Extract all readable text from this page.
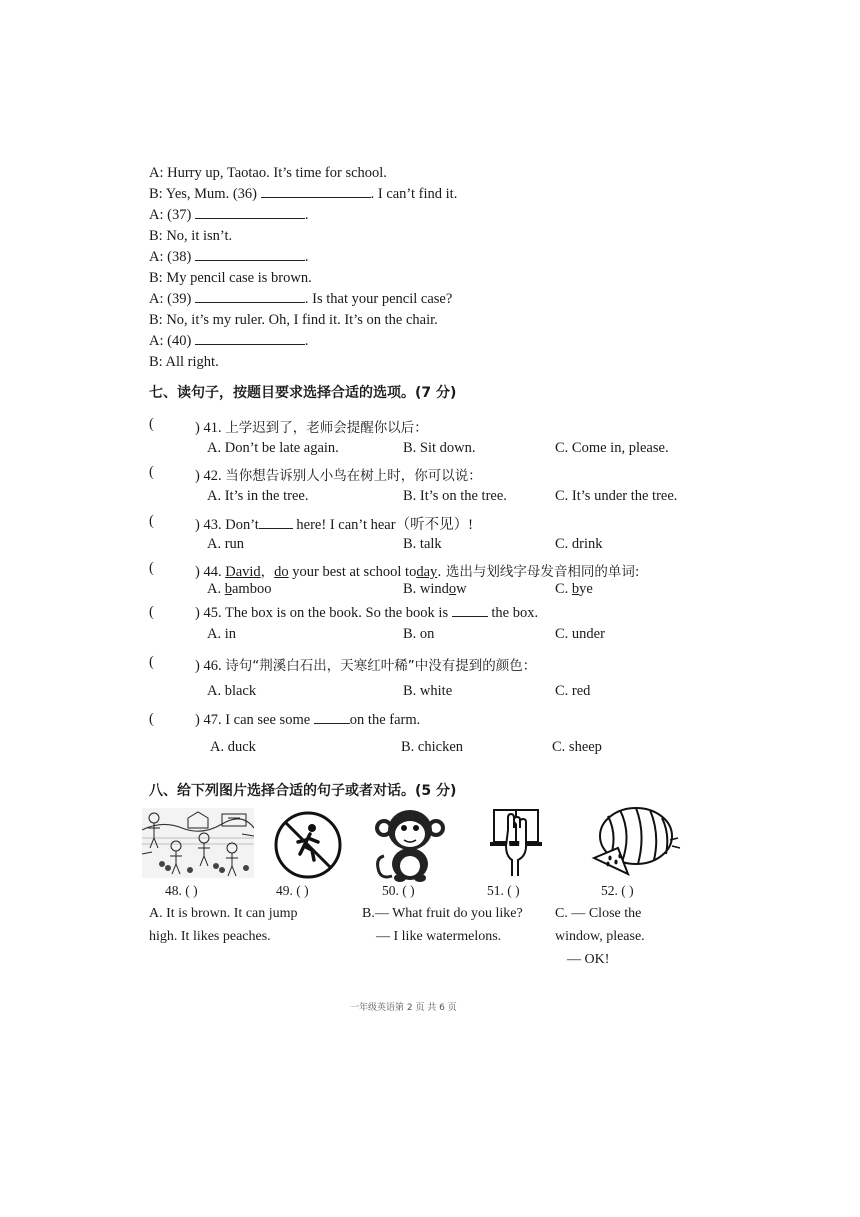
A: Hurry up, Taotao. It’s time for school.
B: Yes, Mum. (36)	. I can’t find it.
A: (37)	.
B: No, it isn’t.
A: (38)	.
B: My pencil case is brown.
A: (39)	. Is that your pencil case?
B: No, it’s my ruler. Oh, I find it. It’s on the chair.
A: (40)	.
B: All right.
七、读句子，按题目要求选择合适的选项。(7 分)
(	) 41. 上学迟到了，老师会提醒你以后：
A. Don’t be late again.	B. Sit down.	C. Come in, please.
(	) 42. 当你想告诉别人小鸟在树上时，你可以说：
A. It’s in the tree.	B. It’s on the tree.	C. It’s under the tree.
(	) 43. Don’t	here! I can’t hear（听不见）!
A. run	B. talk	C. drink
(	) 44. David，do your best at school today. 选出与划线字母发音相同的单词:
A. bamboo	B. window	C. bye
(	) 45. The box is on the book. So the book is	the box.
A. in	B. on	C. under
(	) 46. 诗句“荆溪白石出，天寒红叶稀”中没有提到的颜色：
A. black	B. white	C. red
(	) 47. I can see some	on the farm.
A. duck	B. chicken	C. sheep
八、给下列图片选择合适的句子或者对话。(5 分)
48. ( )	49. ( )	50. ( )	51. ( )	52. ( )
A. It is brown. It can jump
high. It likes peaches.
B.— What fruit do you like?
— I like watermelons.
C. — Close the
window, please.
— OK!
一年级英语第 2 页 共 6 页
